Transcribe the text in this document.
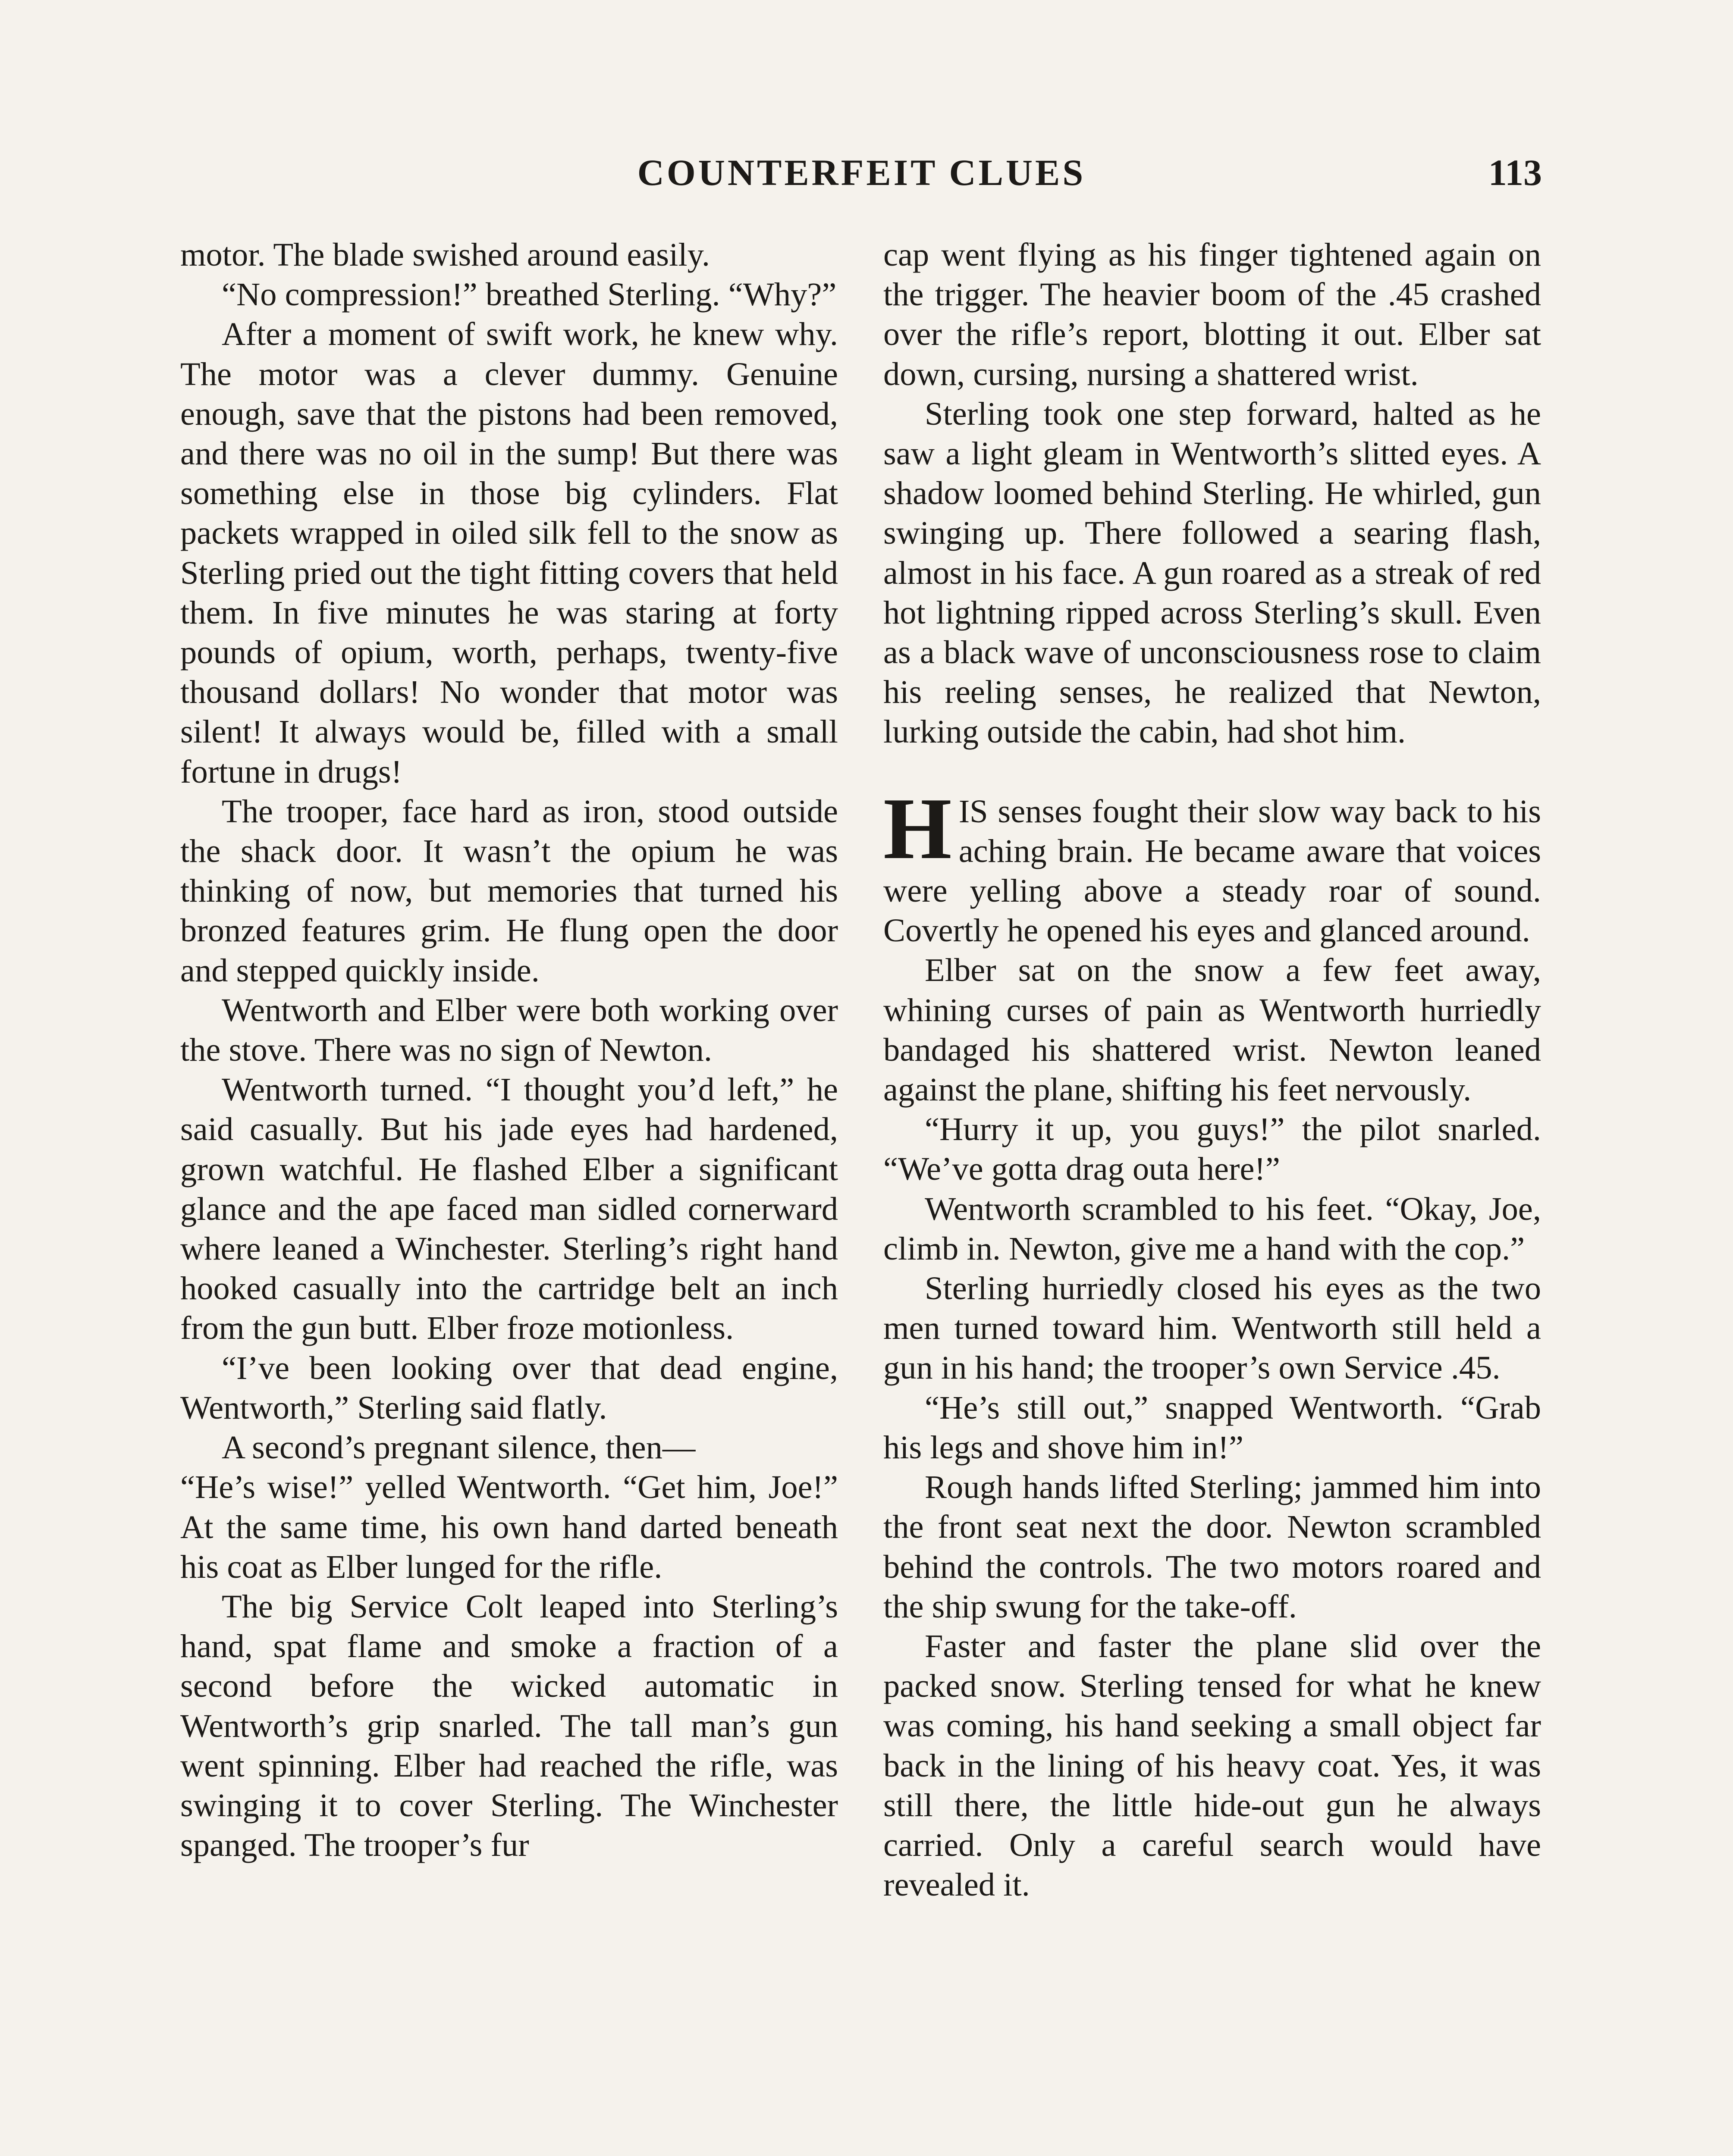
COUNTERFEIT CLUES	113

motor. The blade swished around easily.

“No compression!” breathed Sterling. “Why?”

After a moment of swift work, he knew why. The motor was a clever dummy. Genuine enough, save that the pistons had been removed, and there was no oil in the sump! But there was something else in those big cylinders. Flat packets wrapped in oiled silk fell to the snow as Sterling pried out the tight fitting covers that held them. In five minutes he was staring at forty pounds of opium, worth, perhaps, twenty-five thousand dollars! No wonder that motor was silent! It always would be, filled with a small fortune in drugs!

The trooper, face hard as iron, stood outside the shack door. It wasn’t the opium he was thinking of now, but memories that turned his bronzed features grim. He flung open the door and stepped quickly inside.

Wentworth and Elber were both working over the stove. There was no sign of Newton.

Wentworth turned. “I thought you’d left,” he said casually. But his jade eyes had hardened, grown watchful. He flashed Elber a significant glance and the ape faced man sidled cornerward where leaned a Winchester. Sterling’s right hand hooked casually into the cartridge belt an inch from the gun butt. Elber froze motionless.

“I’ve been looking over that dead engine, Wentworth,” Sterling said flatly.

A second’s pregnant silence, then—

“He’s wise!” yelled Wentworth. “Get him, Joe!” At the same time, his own hand darted beneath his coat as Elber lunged for the rifle.

The big Service Colt leaped into Sterling’s hand, spat flame and smoke a fraction of a second before the wicked automatic in Wentworth’s grip snarled. The tall man’s gun went spinning. Elber had reached the rifle, was swinging it to cover Sterling. The Winchester spanged. The trooper’s fur

cap went flying as his finger tightened again on the trigger. The heavier boom of the .45 crashed over the rifle’s report, blotting it out. Elber sat down, cursing, nursing a shattered wrist.

Sterling took one step forward, halted as he saw a light gleam in Wentworth’s slitted eyes. A shadow loomed behind Sterling. He whirled, gun swinging up. There followed a searing flash, almost in his face. A gun roared as a streak of red hot lightning ripped across Sterling’s skull. Even as a black wave of unconsciousness rose to claim his reeling senses, he realized that Newton, lurking outside the cabin, had shot him.

HIS senses fought their slow way back to his aching brain. He became aware that voices were yelling above a steady roar of sound. Covertly he opened his eyes and glanced around.

Elber sat on the snow a few feet away, whining curses of pain as Wentworth hurriedly bandaged his shattered wrist. Newton leaned against the plane, shifting his feet nervously.

“Hurry it up, you guys!” the pilot snarled. “We’ve gotta drag outa here!”

Wentworth scrambled to his feet. “Okay, Joe, climb in. Newton, give me a hand with the cop.”

Sterling hurriedly closed his eyes as the two men turned toward him. Wentworth still held a gun in his hand; the trooper’s own Service .45.

“He’s still out,” snapped Wentworth. “Grab his legs and shove him in!”

Rough hands lifted Sterling; jammed him into the front seat next the door. Newton scrambled behind the controls. The two motors roared and the ship swung for the take-off.

Faster and faster the plane slid over the packed snow. Sterling tensed for what he knew was coming, his hand seeking a small object far back in the lining of his heavy coat. Yes, it was still there, the little hide-out gun he always carried. Only a careful search would have revealed it.
